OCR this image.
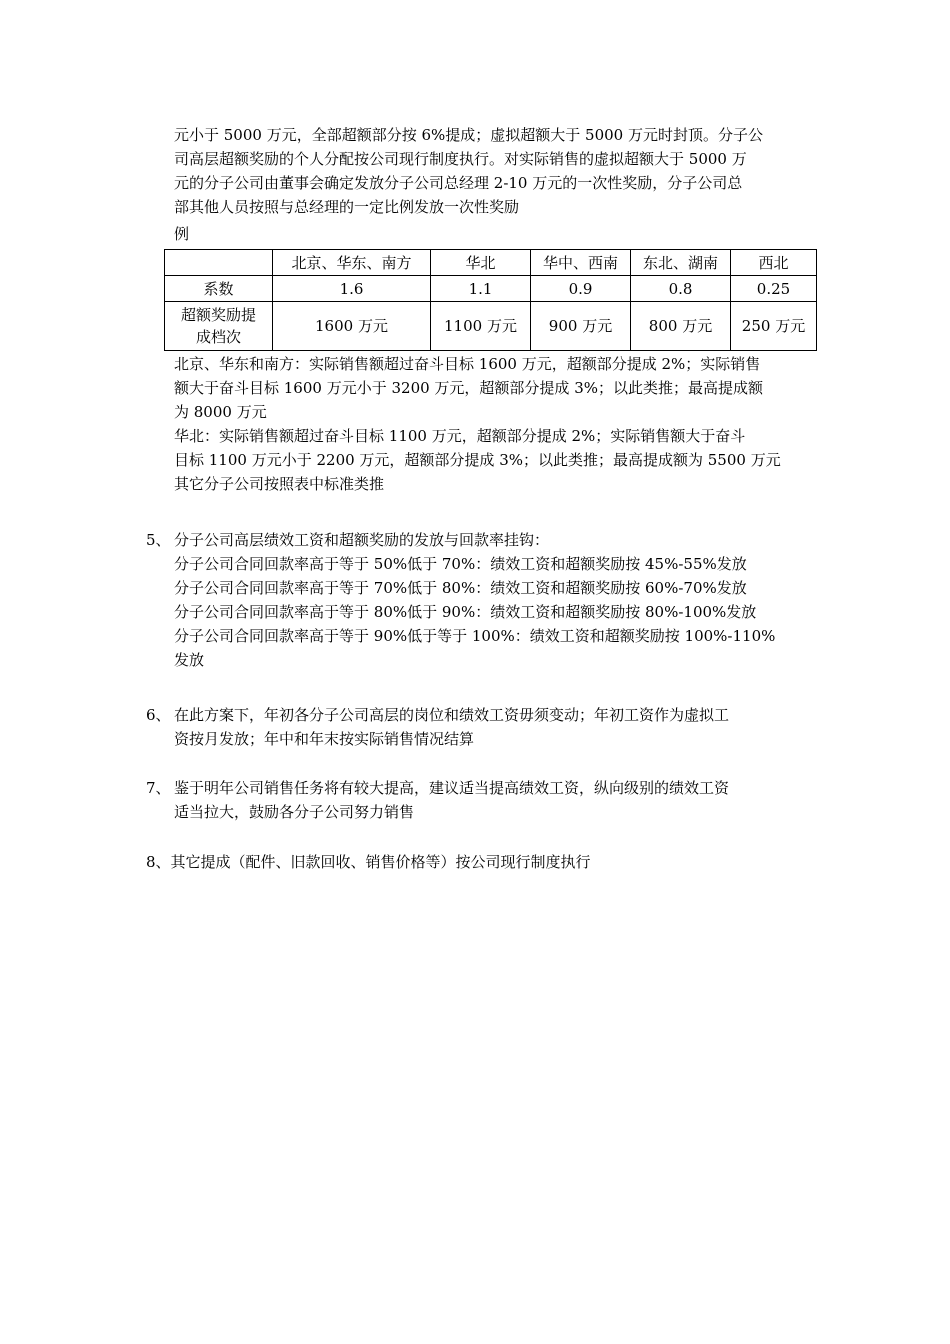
元小于 5000 万元，全部超额部分按 6%提成；虚拟超额大于 5000 万元时封顶。分子公
司高层超额奖励的个人分配按公司现行制度执行。对实际销售的虚拟超额大于 5000 万
元的分子公司由董事会确定发放分子公司总经理 2-10 万元的一次性奖励，分子公司总
部其他人员按照与总经理的一定比例发放一次性奖励
例
	北京、华东、南方	华北	华中、西南	东北、湖南	西北
系数	1.6	1.1	0.9	0.8	0.25

超额奖励提
成档次	1600 万元	1100 万元	900 万元	800 万元	250 万元
北京、华东和南方：实际销售额超过奋斗目标 1600 万元，超额部分提成 2%；实际销售
额大于奋斗目标 1600 万元小于 3200 万元，超额部分提成 3%；以此类推；最高提成额
为 8000 万元
华北：实际销售额超过奋斗目标 1100 万元，超额部分提成 2%；实际销售额大于奋斗
目标 1100 万元小于 2200 万元，超额部分提成 3%；以此类推；最高提成额为 5500 万元
其它分子公司按照表中标准类推
5、 分子公司高层绩效工资和超额奖励的发放与回款率挂钩：
分子公司合同回款率高于等于 50%低于 70%：绩效工资和超额奖励按 45%-55%发放
分子公司合同回款率高于等于 70%低于 80%：绩效工资和超额奖励按 60%-70%发放
分子公司合同回款率高于等于 80%低于 90%：绩效工资和超额奖励按 80%-100%发放
分子公司合同回款率高于等于 90%低于等于 100%：绩效工资和超额奖励按 100%-110%
发放
6、 在此方案下，年初各分子公司高层的岗位和绩效工资毋须变动；年初工资作为虚拟工
资按月发放；年中和年末按实际销售情况结算
7、 鉴于明年公司销售任务将有较大提高，建议适当提高绩效工资，纵向级别的绩效工资
适当拉大，鼓励各分子公司努力销售
8、其它提成（配件、旧款回收、销售价格等）按公司现行制度执行
